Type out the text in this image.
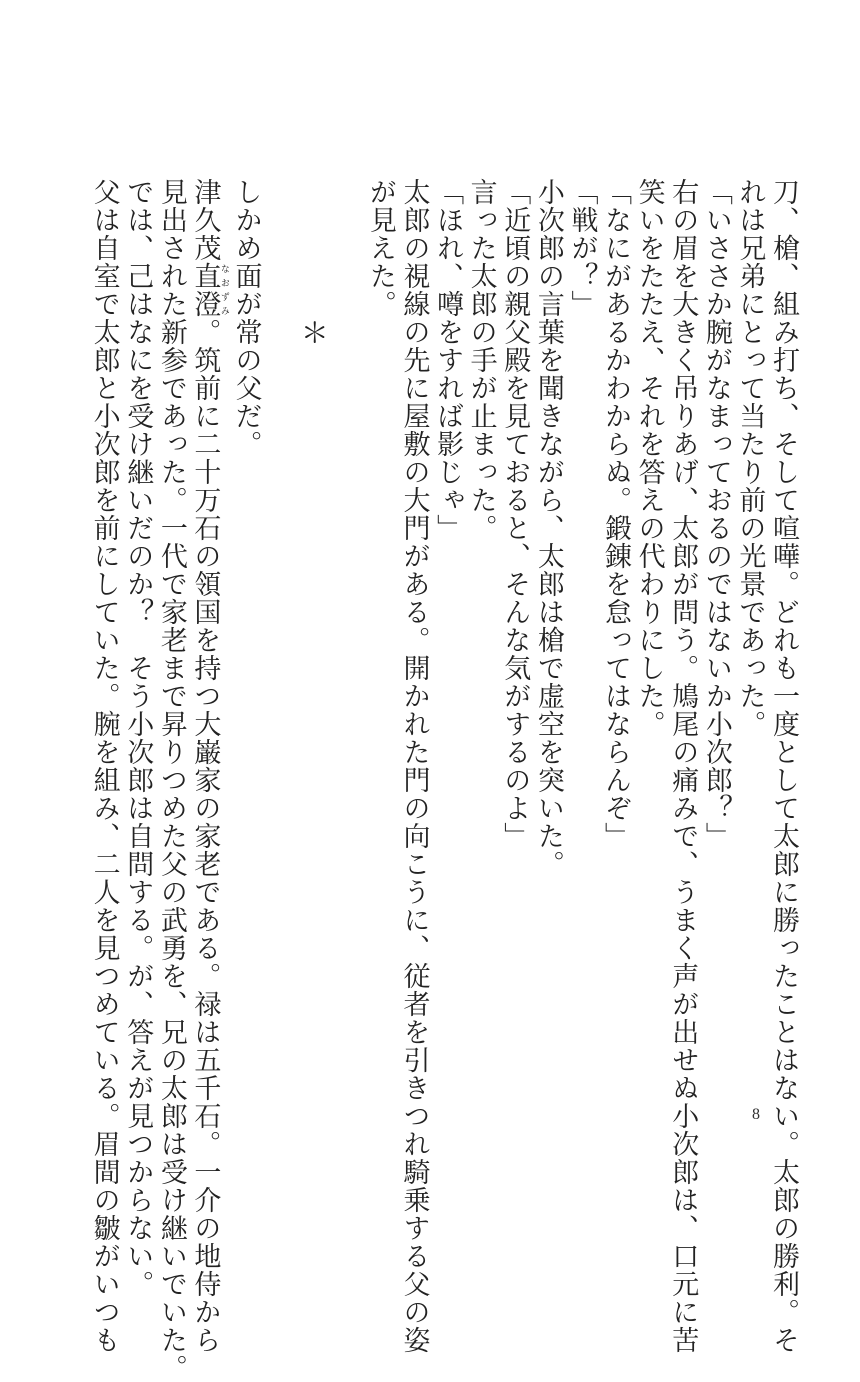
刀、槍、組み打ち、そして喧嘩。どれも一度として太郎に勝ったことはない。太郎の勝利。そ
れは兄弟にとって当たり前の光景であった。
「いささか腕がなまっておるのではないか小次郎？」
右の眉を大きく吊りあげ、太郎が問う。鳩尾の痛みで、うまく声が出せぬ小次郎は、口元に苦
笑いをたたえ、それを答えの代わりにした。
「なにがあるかわからぬ。鍛錬を怠ってはならんぞ」
「戦が？」
小次郎の言葉を聞きながら、太郎は槍で虚空を突いた。
「近頃の親父殿を見ておると、そんな気がするのよ」
言った太郎の手が止まった。
「ほれ、噂をすれば影じゃ」
太郎の視線の先に屋敷の大門がある。開かれた門の向こうに、従者を引きつれ騎乗する父の姿
が見えた。
＊
しかめ面が常の父だ。
津久茂直澄なおずみ。筑前に二十万石の領国を持つ大巌家の家老である。禄は五千石。一介の地侍から
見出された新参であった。一代で家老まで昇りつめた父の武勇を、兄の太郎は受け継いでいた。
では、己はなにを受け継いだのか？　そう小次郎は自問する。が、答えが見つからない。
父は自室で太郎と小次郎を前にしていた。腕を組み、二人を見つめている。眉間の皺がいつも	8
